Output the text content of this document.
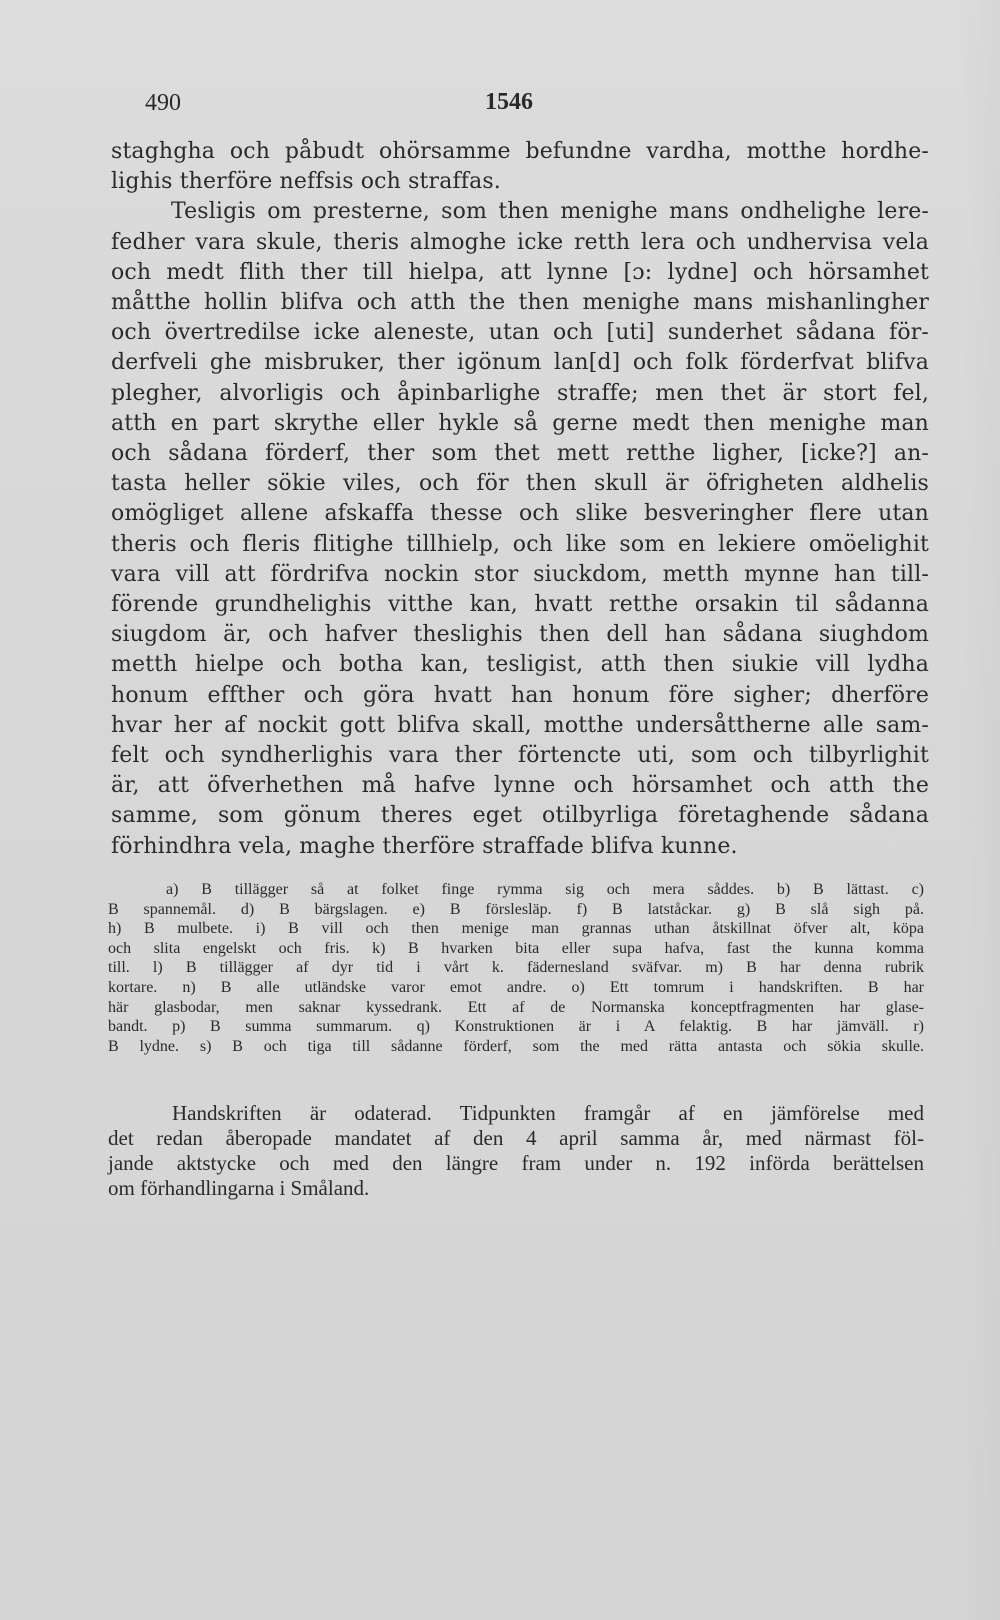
490	1546

staghgha och påbudt ohörsamme befundne vardha, motthe hordhe-
lighis therföre neffsis och straffas.

Tesligis om presterne, som then menighe mans ondhelighe lere-
fedher vara skule, theris almoghe icke retth lera och undhervisa vela
och medt flith ther till hielpa, att lynne [ɔ: lydne] och hörsamhet
måtthe hollin blifva och atth the then menighe mans mishanlingher
och övertredilse icke aleneste, utan och [uti] sunderhet sådana för-
derfveli ghe misbruker, ther igönum lan[d] och folk förderfvat blifva
plegher, alvorligis och åpinbarlighe straffe; men thet är stort fel,
atth en part skrythe eller hykle så gerne medt then menighe man
och sådana förderf, ther som thet mett retthe ligher, [icke?] an-
tasta heller sökie viles, och för then skull är öfrigheten aldhelis
omögliget allene afskaffa thesse och slike besveringher flere utan
theris och fleris flitighe tillhielp, och like som en lekiere omöelighit
vara vill att fördrifva nockin stor siuckdom, metth mynne han till-
förende grundhelighis vitthe kan, hvatt retthe orsakin til sådanna
siugdom är, och hafver theslighis then dell han sådana siughdom
metth hielpe och botha kan, tesligist, atth then siukie vill lydha
honum effther och göra hvatt han honum före sigher; dherföre
hvar her af nockit gott blifva skall, motthe undersåttherne alle sam-
felt och syndherlighis vara ther förtencte uti, som och tilbyrlighit
är, att öfverhethen må hafve lynne och hörsamhet och atth the
samme, som gönum theres eget otilbyrliga företaghende sådana
förhindhra vela, maghe therföre straffade blifva kunne.

a) B tillägger så at folket finge rymma sig och mera såddes. b) B lättast. c)
B spannemål. d) B bärgslagen. e) B förslesläp. f) B latståckar. g) B slå sigh på.
h) B mulbete. i) B vill och then menige man grannas uthan åtskillnat öfver alt, köpa
och slita engelskt och fris. k) B hvarken bita eller supa hafva, fast the kunna komma
till. l) B tillägger af dyr tid i vårt k. fädernesland sväfvar. m) B har denna rubrik
kortare. n) B alle utländske varor emot andre. o) Ett tomrum i handskriften. B har
här glasbodar, men saknar kyssedrank. Ett af de Normanska konceptfragmenten har glase-
bandt. p) B summa summarum. q) Konstruktionen är i A felaktig. B har jämväll. r)
B lydne. s) B och tiga till sådanne förderf, som the med rätta antasta och sökia skulle.
Handskriften är odaterad. Tidpunkten framgår af en jämförelse med
det redan åberopade mandatet af den 4 april samma år, med närmast föl-
jande aktstycke och med den längre fram under n. 192 införda berättelsen
om förhandlingarna i Småland.
